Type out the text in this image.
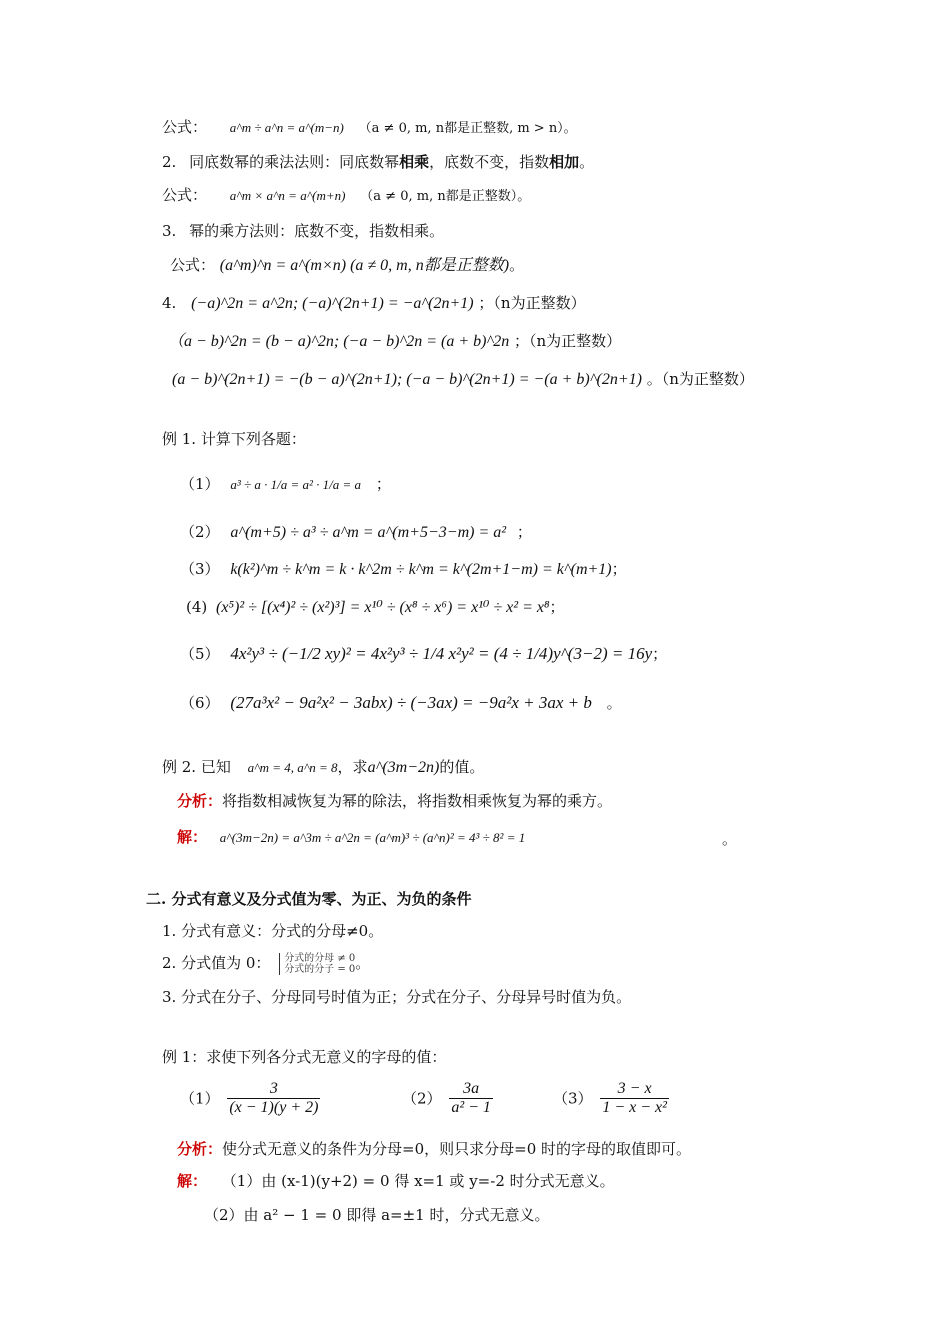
公式： a^m ÷ a^n = a^(m−n) （a ≠ 0, m, n都是正整数, m > n）。
2. 同底数幂的乘法法则：同底数幂相乘，底数不变，指数相加。
公式： a^m × a^n = a^(m+n) （a ≠ 0, m, n都是正整数）。
3. 幂的乘方法则：底数不变，指数相乘。
公式： (a^m)^n = a^(m×n) (a ≠ 0, m, n都是正整数)。
4. (−a)^2n = a^2n; (−a)^(2n+1) = −a^(2n+1) ；（n为正整数）
（a − b)^2n = (b − a)^2n; (−a − b)^2n = (a + b)^2n ；（n为正整数）
(a − b)^(2n+1) = −(b − a)^(2n+1); (−a − b)^(2n+1) = −(a + b)^(2n+1) 。（n为正整数）
例 1. 计算下列各题：
（1） a³ ÷ a · 1/a = a² · 1/a = a ；
（2） a^(m+5) ÷ a³ ÷ a^m = a^(m+5−3−m) = a² ；
（3） k(k²)^m ÷ k^m = k · k^2m ÷ k^m = k^(2m+1−m) = k^(m+1)；
(4) (x⁵)² ÷ [(x⁴)² ÷ (x²)³] = x¹⁰ ÷ (x⁸ ÷ x⁶) = x¹⁰ ÷ x² = x⁸；
（5） 4x²y³ ÷ (−1/2 xy)² = 4x²y³ ÷ 1/4 x²y² = (4 ÷ 1/4)y^(3−2) = 16y；
（6） (27a³x² − 9a²x² − 3abx) ÷ (−3ax) = −9a²x + 3ax + b 。
例 2. 已知 a^m = 4, a^n = 8，求a^(3m−2n)的值。
分析：将指数相减恢复为幂的除法，将指数相乘恢复为幂的乘方。
解： a^(3m−2n) = a^3m ÷ a^2n = (a^m)³ ÷ (a^n)² = 4³ ÷ 8² = 1	。
二. 分式有意义及分式值为零、为正、为负的条件
1. 分式有意义：分式的分母≠0。
2. 分式值为 0： 分式的分母 ≠ 0
分式的分子 = 0 。
3. 分式在分子、分母同号时值为正；分式在分子、分母异号时值为负。
例 1：求使下列各分式无意义的字母的值：
$(1) \frac{3}{(x - 1)(y + 2)}$	$(2) \frac{3a}{\text{a² − 1}}$	$(3) \frac{3 - x}{\text{1 − x − x²}}$
分析：使分式无意义的条件为分母=0，则只求分母=0 时的字母的取值即可。
解： （1）由 (x-1)(y+2) = 0 得 x=1 或 y=-2 时分式无意义。
（2）由 a² − 1 = 0 即得 a=±1 时，分式无意义。
